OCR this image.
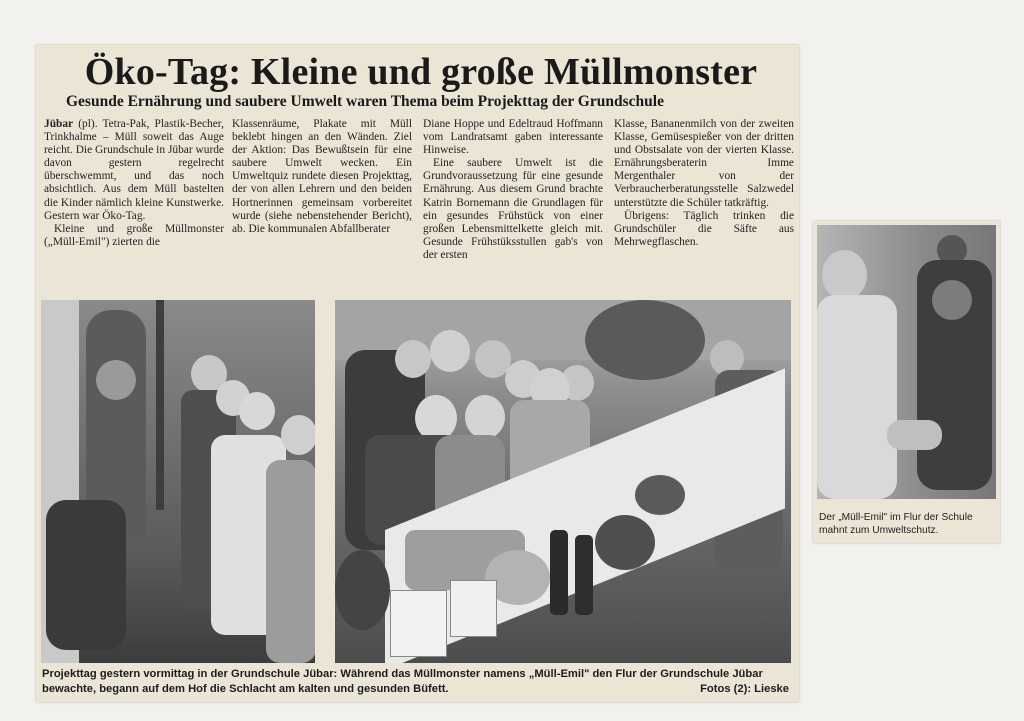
Öko-Tag: Kleine und große Müllmonster
Gesunde Ernährung und saubere Umwelt waren Thema beim Projekttag der Grundschule

Jübar (pl). Tetra-Pak, Plastik-Becher, Trinkhalme – Müll soweit das Auge reicht. Die Grundschule in Jübar wurde davon gestern regelrecht überschwemmt, und das noch absichtlich. Aus dem Müll bastelten die Kinder nämlich kleine Kunstwerke. Gestern war Öko-Tag.

Kleine und große Müllmonster („Müll-Emil") zierten die

Klassenräume, Plakate mit Müll beklebt hingen an den Wänden. Ziel der Aktion: Das Bewußtsein für eine saubere Umwelt wecken. Ein Umweltquiz rundete diesen Projekttag, der von allen Lehrern und den beiden Hortnerinnen gemeinsam vorbereitet wurde (siehe nebenstehender Bericht), ab. Die kommunalen Abfallberater

Diane Hoppe und Edeltraud Hoffmann vom Landratsamt gaben interessante Hinweise.

Eine saubere Umwelt ist die Grundvoraussetzung für eine gesunde Ernährung. Aus diesem Grund brachte Katrin Bornemann die Grundlagen für ein gesundes Frühstück von einer großen Lebensmittelkette gleich mit. Gesunde Frühstüksstullen gab's von der ersten

Klasse, Bananenmilch von der zweiten Klasse, Gemüsespießer von der dritten und Obstsalate von der vierten Klasse. Ernährungsberaterin Imme Mergenthaler von der Verbraucherberatungsstelle Salzwedel unterstützte die Schüler tatkräftig.

Übrigens: Täglich trinken die Grundschüler die Säfte aus Mehrwegflaschen.

Projekttag gestern vormittag in der Grundschule Jübar: Während das Müllmonster namens „Müll-Emil" den Flur der Grundschule Jübar bewachte, begann auf dem Hof die Schlacht am kalten und gesunden Büfett.	Fotos (2): Lieske

Der „Müll-Emil" im Flur der Schule mahnt zum Umweltschutz.
